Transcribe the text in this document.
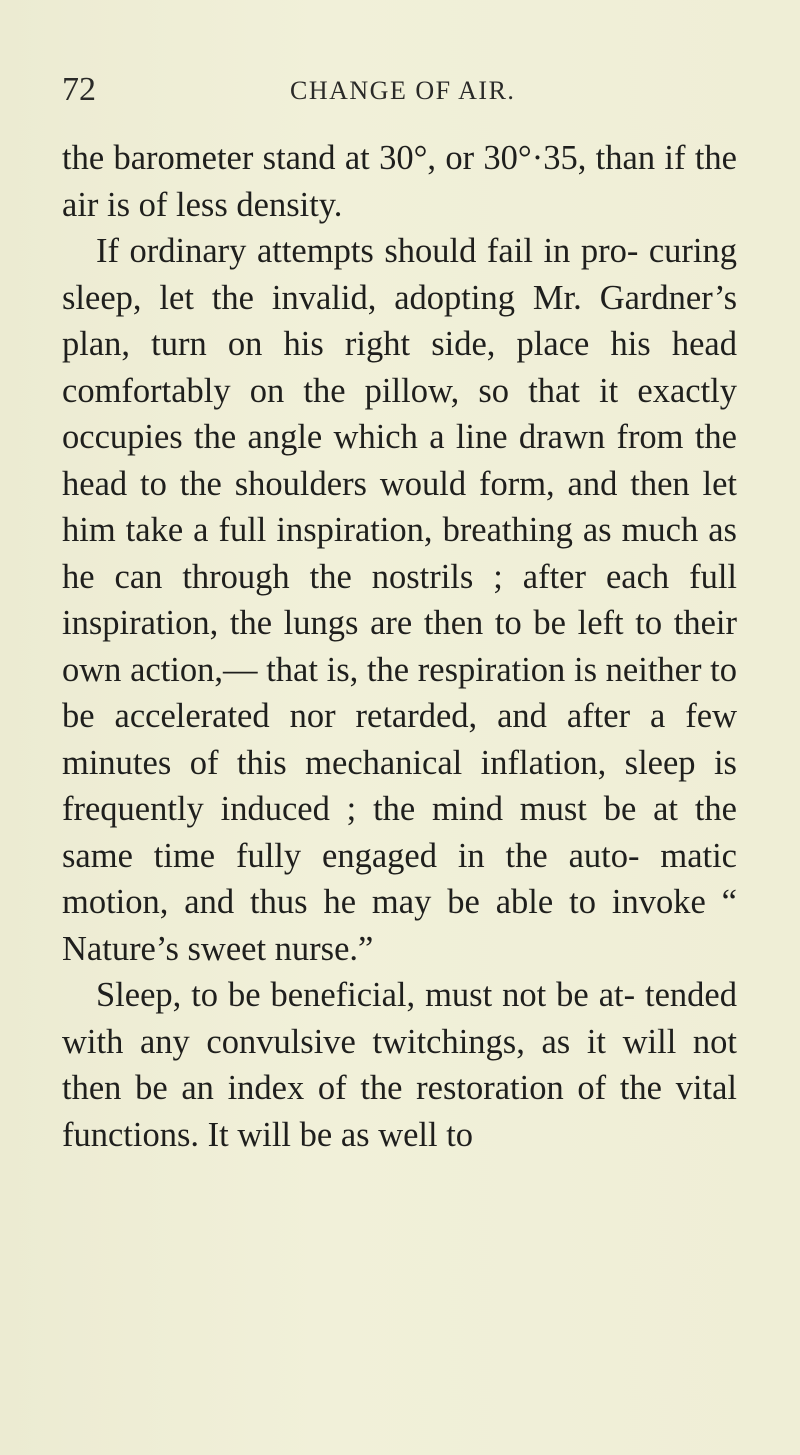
72	CHANGE OF AIR.

the barometer stand at 30°, or 30°·35, than if the air is of less density.

If ordinary attempts should fail in pro- curing sleep, let the invalid, adopting Mr. Gardner’s plan, turn on his right side, place his head comfortably on the pillow, so that it exactly occupies the angle which a line drawn from the head to the shoulders would form, and then let him take a full inspiration, breathing as much as he can through the nostrils ; after each full inspiration, the lungs are then to be left to their own action,— that is, the respiration is neither to be accelerated nor retarded, and after a few minutes of this mechanical inflation, sleep is frequently induced ; the mind must be at the same time fully engaged in the auto- matic motion, and thus he may be able to invoke “ Nature’s sweet nurse.”

Sleep, to be beneficial, must not be at- tended with any convulsive twitchings, as it will not then be an index of the restoration of the vital functions. It will be as well to
